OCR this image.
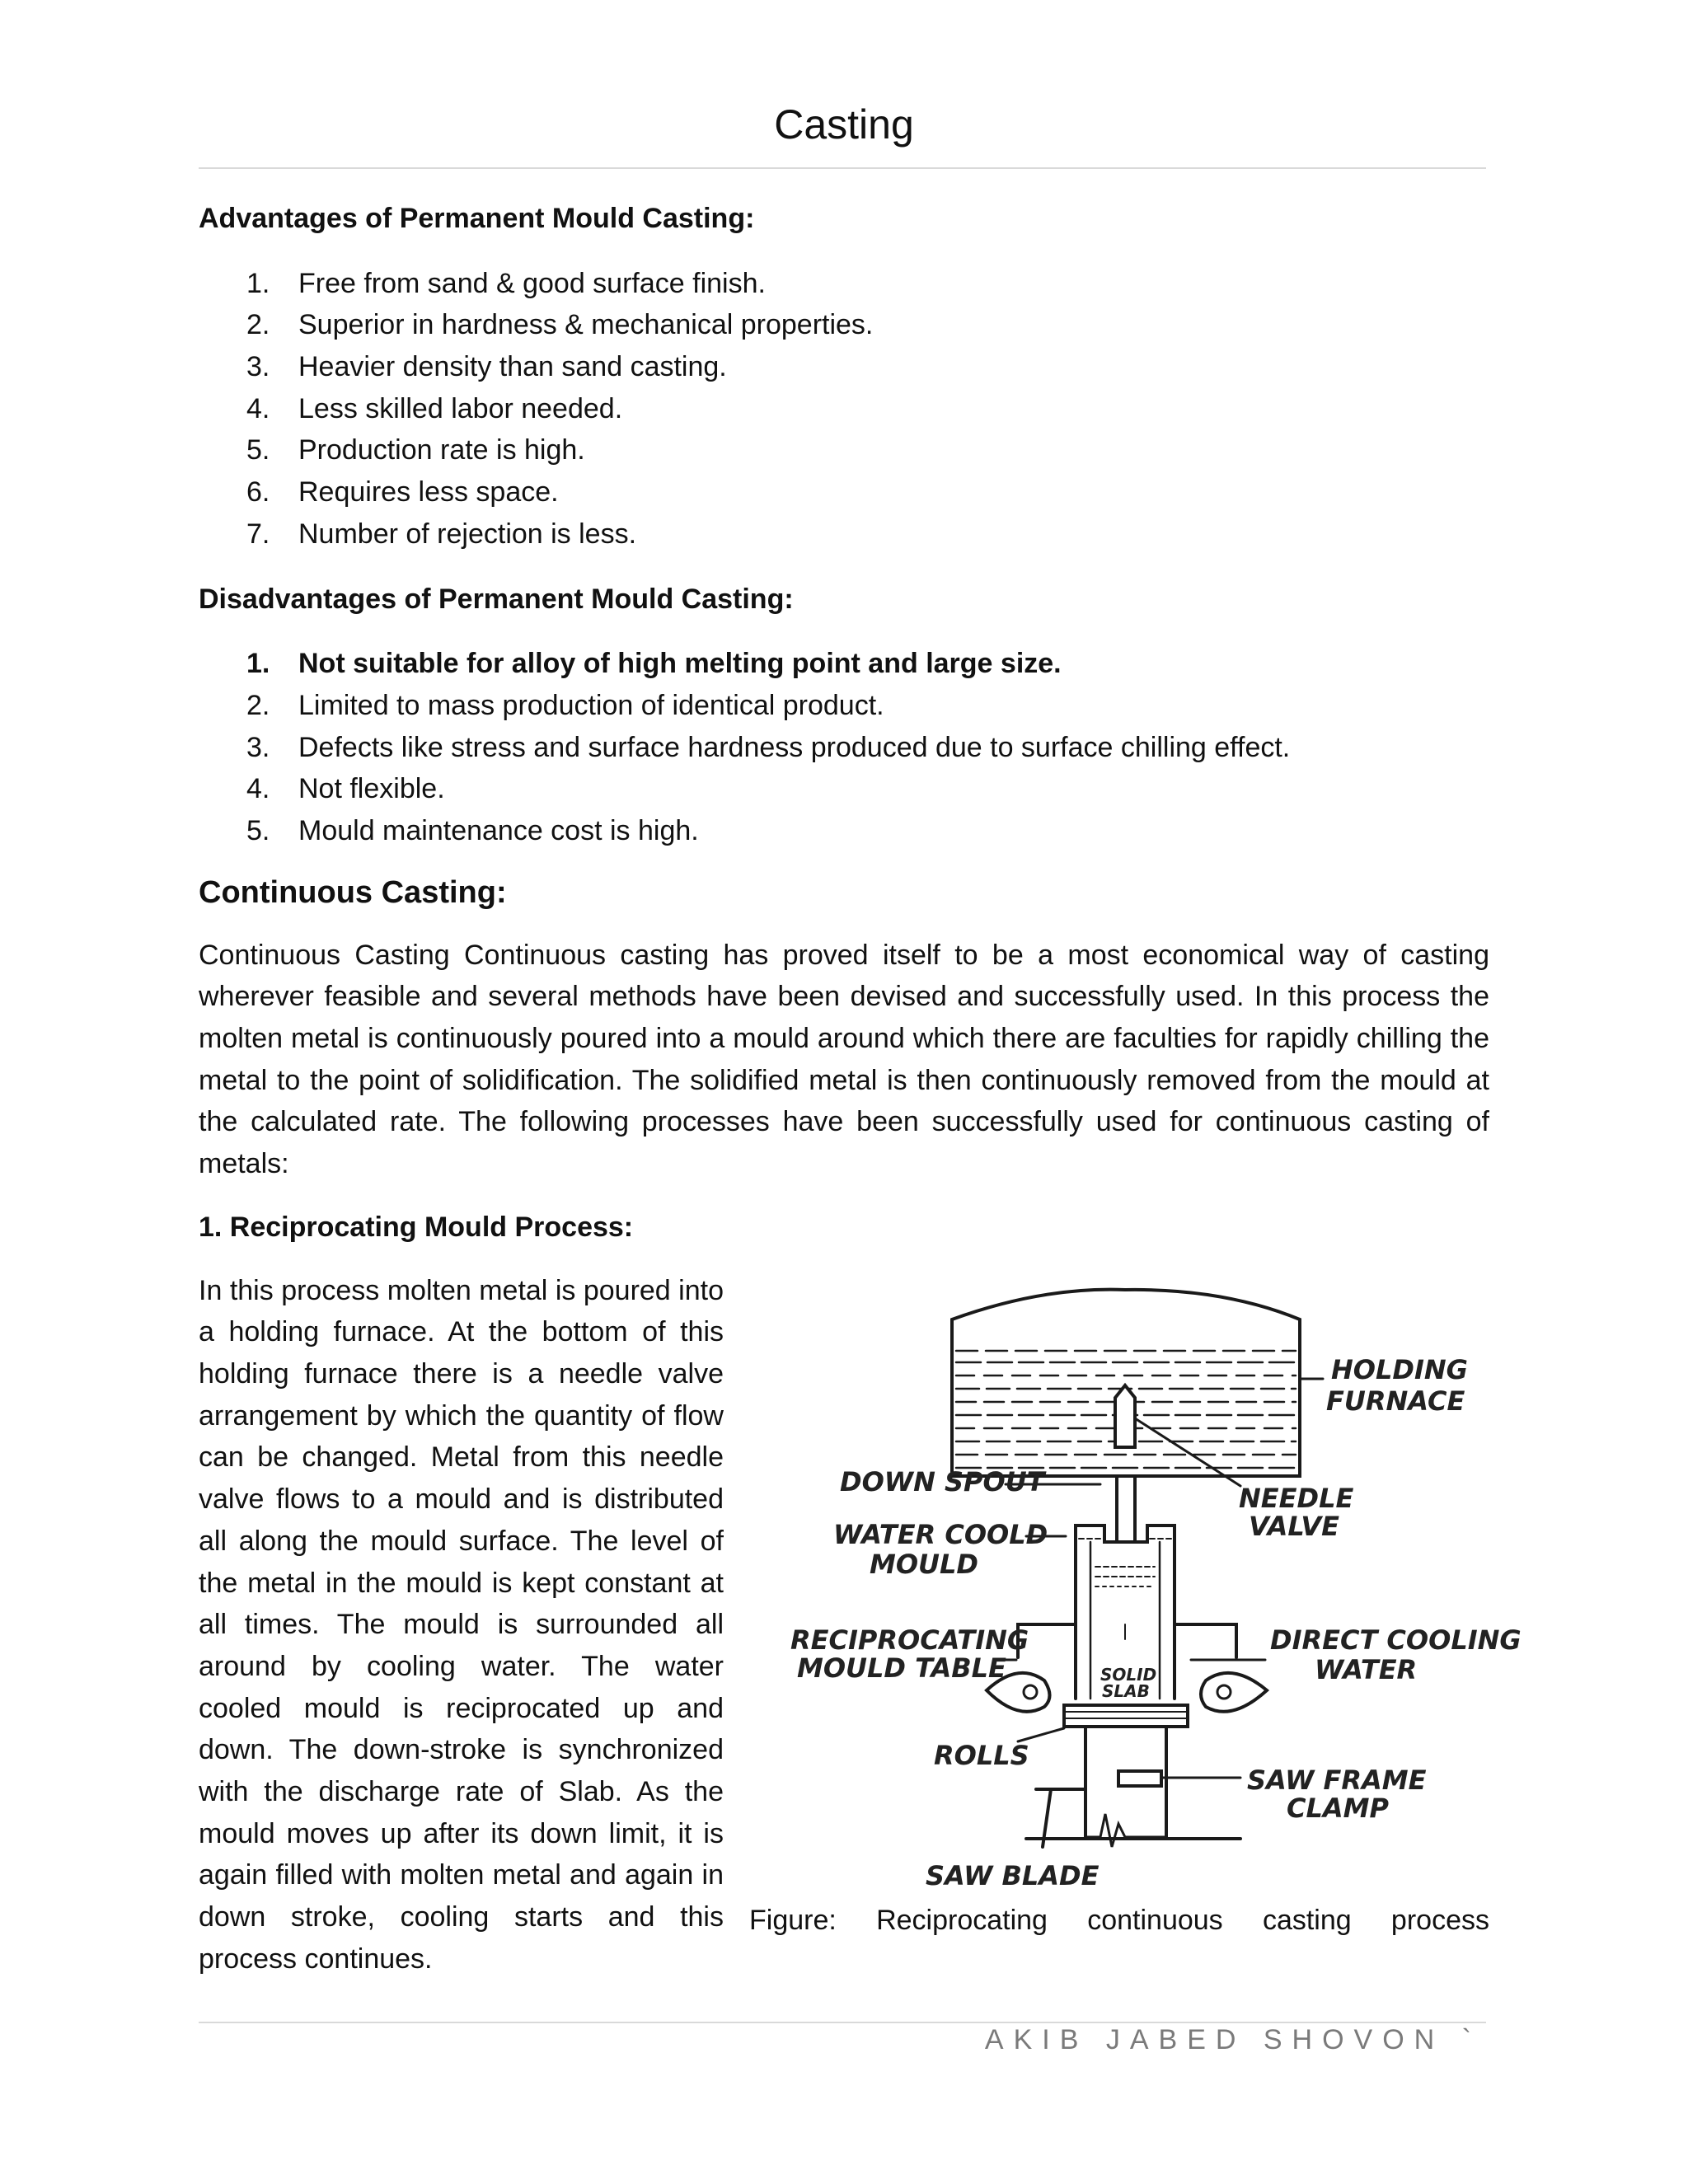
Casting

Advantages of Permanent Mould Casting:

1. Free from sand & good surface finish.
2. Superior in hardness & mechanical properties.
3. Heavier density than sand casting.
4. Less skilled labor needed.
5. Production rate is high.
6. Requires less space.
7. Number of rejection is less.

Disadvantages of Permanent Mould Casting:

1. Not suitable for alloy of high melting point and large size.
2. Limited to mass production of identical product.
3. Defects like stress and surface hardness produced due to surface chilling effect.
4. Not flexible.
5. Mould maintenance cost is high.

Continuous Casting:

Continuous Casting Continuous casting has proved itself to be a most economical way of casting wherever feasible and several methods have been devised and successfully used. In this process the molten metal is continuously poured into a mould around which there are faculties for rapidly chilling the metal to the point of solidification. The solidified metal is then continuously removed from the mould at the calculated rate. The following processes have been successfully used for continuous casting of metals:

1. Reciprocating Mould Process:

In this process molten metal is poured into a holding furnace. At the bottom of this holding furnace there is a needle valve arrangement by which the quantity of flow can be changed. Metal from this needle valve flows to a mould and is distributed all along the mould surface. The level of the metal in the mould is kept constant at all times. The mould is surrounded all around by cooling water. The water cooled mould is reciprocated up and down. The down-stroke is synchronized with the discharge rate of Slab. As the mould moves up after its down limit, it is again filled with molten metal and again in down stroke, cooling starts and this process continues.
HOLDING
FURNACE
DOWN SPOUT
NEEDLE
VALVE
WATER COOLD
MOULD
RECIPROCATING
MOULD TABLE
DIRECT COOLING
WATER
SOLID
SLAB
ROLLS
SAW FRAME
CLAMP
SAW BLADE
Figure: Reciprocating continuous casting process
AKIB JABED SHOVON `
